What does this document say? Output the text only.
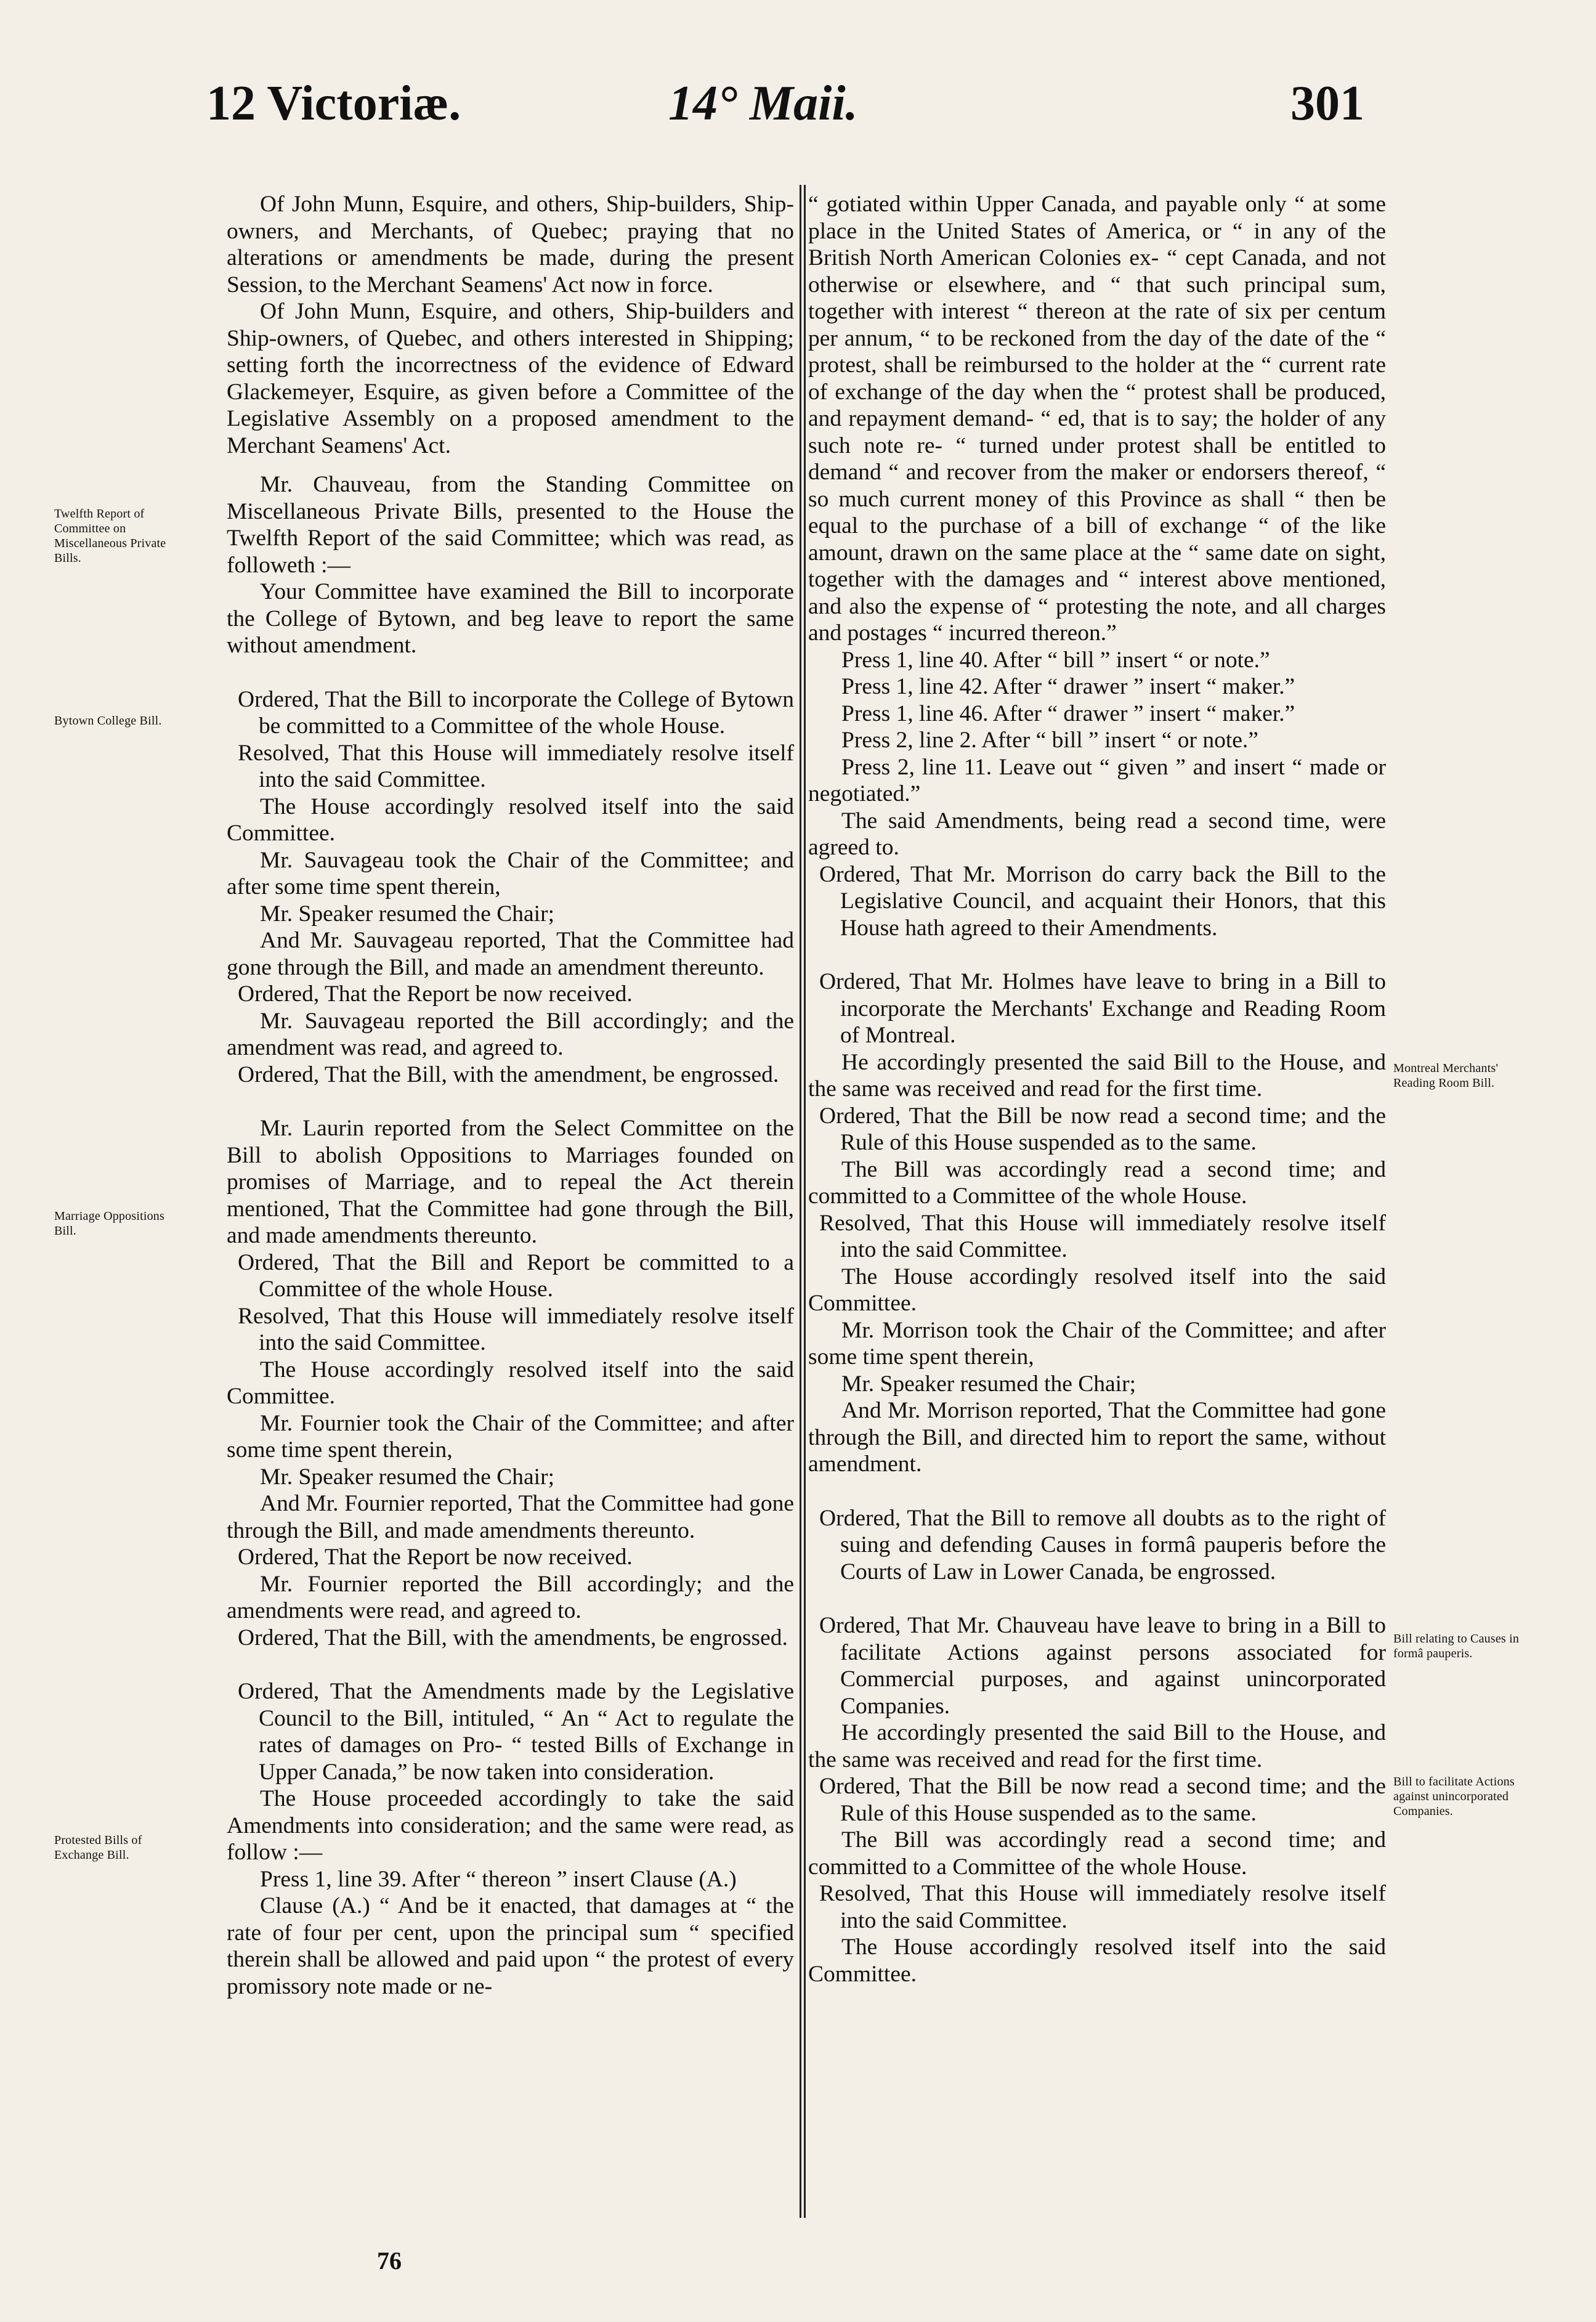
12 Victoriæ.	14° Maii.	301
Twelfth Report of Committee on Miscellaneous Private Bills.
Bytown College Bill.
Marriage Oppositions Bill.
Protested Bills of Exchange Bill.
Montreal Merchants' Reading Room Bill.
Bill relating to Causes in formâ pauperis.
Bill to facilitate Actions against unincorporated Companies.

Of John Munn, Esquire, and others, Ship-builders, Ship-owners, and Merchants, of Quebec; praying that no alterations or amendments be made, during the present Session, to the Merchant Seamens' Act now in force.

Of John Munn, Esquire, and others, Ship-builders and Ship-owners, of Quebec, and others interested in Shipping; setting forth the incorrectness of the evidence of Edward Glackemeyer, Esquire, as given before a Committee of the Legislative Assembly on a proposed amendment to the Merchant Seamens' Act.

Mr. Chauveau, from the Standing Committee on Miscellaneous Private Bills, presented to the House the Twelfth Report of the said Committee; which was read, as followeth :—

Your Committee have examined the Bill to incorporate the College of Bytown, and beg leave to report the same without amendment.

Ordered, That the Bill to incorporate the College of Bytown be committed to a Committee of the whole House.

Resolved, That this House will immediately resolve itself into the said Committee.

The House accordingly resolved itself into the said Committee.

Mr. Sauvageau took the Chair of the Committee; and after some time spent therein,

Mr. Speaker resumed the Chair;

And Mr. Sauvageau reported, That the Committee had gone through the Bill, and made an amendment thereunto.

Ordered, That the Report be now received.

Mr. Sauvageau reported the Bill accordingly; and the amendment was read, and agreed to.

Ordered, That the Bill, with the amendment, be engrossed.

Mr. Laurin reported from the Select Committee on the Bill to abolish Oppositions to Marriages founded on promises of Marriage, and to repeal the Act therein mentioned, That the Committee had gone through the Bill, and made amendments thereunto.

Ordered, That the Bill and Report be committed to a Committee of the whole House.

Resolved, That this House will immediately resolve itself into the said Committee.

The House accordingly resolved itself into the said Committee.

Mr. Fournier took the Chair of the Committee; and after some time spent therein,

Mr. Speaker resumed the Chair;

And Mr. Fournier reported, That the Committee had gone through the Bill, and made amendments thereunto.

Ordered, That the Report be now received.

Mr. Fournier reported the Bill accordingly; and the amendments were read, and agreed to.

Ordered, That the Bill, with the amendments, be engrossed.

Ordered, That the Amendments made by the Legislative Council to the Bill, intituled, “ An “ Act to regulate the rates of damages on Pro- “ tested Bills of Exchange in Upper Canada,” be now taken into consideration.

The House proceeded accordingly to take the said Amendments into consideration; and the same were read, as follow :—

Press 1, line 39. After “ thereon ” insert Clause (A.)

Clause (A.) “ And be it enacted, that damages at “ the rate of four per cent, upon the principal sum “ specified therein shall be allowed and paid upon “ the protest of every promissory note made or ne-

76

“ gotiated within Upper Canada, and payable only “ at some place in the United States of America, or “ in any of the British North American Colonies ex- “ cept Canada, and not otherwise or elsewhere, and “ that such principal sum, together with interest “ thereon at the rate of six per centum per annum, “ to be reckoned from the day of the date of the “ protest, shall be reimbursed to the holder at the “ current rate of exchange of the day when the “ protest shall be produced, and repayment demand- “ ed, that is to say; the holder of any such note re- “ turned under protest shall be entitled to demand “ and recover from the maker or endorsers thereof, “ so much current money of this Province as shall “ then be equal to the purchase of a bill of exchange “ of the like amount, drawn on the same place at the “ same date on sight, together with the damages and “ interest above mentioned, and also the expense of “ protesting the note, and all charges and postages “ incurred thereon.”

Press 1, line 40. After “ bill ” insert “ or note.”

Press 1, line 42. After “ drawer ” insert “ maker.”

Press 1, line 46. After “ drawer ” insert “ maker.”

Press 2, line 2. After “ bill ” insert “ or note.”

Press 2, line 11. Leave out “ given ” and insert “ made or negotiated.”

The said Amendments, being read a second time, were agreed to.

Ordered, That Mr. Morrison do carry back the Bill to the Legislative Council, and acquaint their Honors, that this House hath agreed to their Amendments.

Ordered, That Mr. Holmes have leave to bring in a Bill to incorporate the Merchants' Exchange and Reading Room of Montreal.

He accordingly presented the said Bill to the House, and the same was received and read for the first time.

Ordered, That the Bill be now read a second time; and the Rule of this House suspended as to the same.

The Bill was accordingly read a second time; and committed to a Committee of the whole House.

Resolved, That this House will immediately resolve itself into the said Committee.

The House accordingly resolved itself into the said Committee.

Mr. Morrison took the Chair of the Committee; and after some time spent therein,

Mr. Speaker resumed the Chair;

And Mr. Morrison reported, That the Committee had gone through the Bill, and directed him to report the same, without amendment.

Ordered, That the Bill to remove all doubts as to the right of suing and defending Causes in formâ pauperis before the Courts of Law in Lower Canada, be engrossed.

Ordered, That Mr. Chauveau have leave to bring in a Bill to facilitate Actions against persons associated for Commercial purposes, and against unincorporated Companies.

He accordingly presented the said Bill to the House, and the same was received and read for the first time.

Ordered, That the Bill be now read a second time; and the Rule of this House suspended as to the same.

The Bill was accordingly read a second time; and committed to a Committee of the whole House.

Resolved, That this House will immediately resolve itself into the said Committee.

The House accordingly resolved itself into the said Committee.
